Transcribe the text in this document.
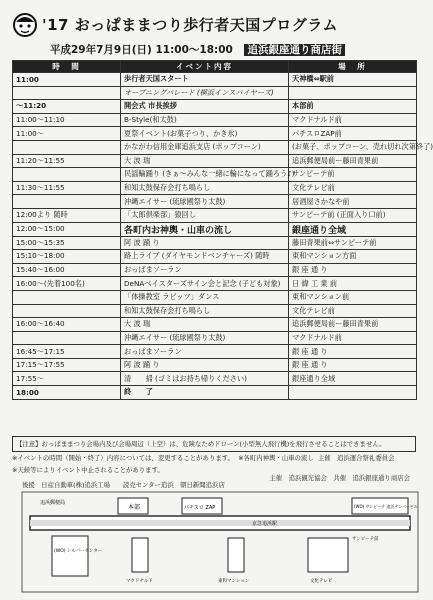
'17 おっぱままつり歩行者天国プログラム
平成29年7月9日(日) 11:00～18:00 追浜銀座通り商店街
時　間	イベント内容	場　所
11:00	歩行者天国スタート	天神橋⇔駅前
	オープニングパレード (横浜インスパイヤーズ)	
～11:20	開会式 市長挨拶	本部前
11:00～11:10	B-Style(和太鼓)	マクドナルド前
11:00～	夏祭イベント(お菓子つり、かき氷)	パチスロZAP前
	かながわ信用金庫追浜支店 (ポップコーン)	(お菓子、ポップコーン、売れ切れ次第終了)
11:20～11:55	大 波 瑞	追浜郵便局前ー藤田青果前
	民謡輪踊り (きぁ～みんな一緒に輪になって踊ろう♪)	サンピーテ前
11:30～11:55	和知太鼓保存会打ち鳴らし	文化テレビ前
	沖縄エイサー (琉球國祭り太鼓)	居酒屋さかなや前
12:00より 随時	「太郎倶楽部」猿回し	サンピーテ前 (正面入り口前)
12:00～15:00	各町内お神輿・山車の流し	銀座通り全域
15:00～15:35	阿 波 踊 り	藤田青果前⇔サンピーテ前
15:10～18:00	路上ライブ (ダイヤモンドベンチャーズ) 随時	東和マンション方面
15:40～16:00	おっぱまソーラン	銀 座 通 り
16:00～(先着100名)	DeNAベイスターズサイン会と記念 (子ども対象)	日 緯 工 業 前
	「体操教室 ラビッツ」ダンス	東和マンション前
	和知太鼓保存会打ち鳴らし	文化テレビ前
16:00～16:40	大 波 瑞	追浜郵便局前ー藤田青果前
	沖縄エイサー (琉球國祭り太鼓)	マクドナルド前
16:45～17:15	おっぱまソーラン	銀 座 通 り
17:15～17:55	阿 波 踊 り	銀 座 通 り
17:55～	清　　掃 (ゴミはお持ち帰りください)	銀座通り全域
18:00	終　　了	
【注意】おっぱままつり会場内及び会場周辺（上空）は、危険なためドローン(小型無人飛行機)を飛行させることはできません。
※イベントの時間（開始・終了）内容については、変更することがあります。 ※各町内神輿・山車の流し 主催　追浜運合祭礼委員会
※天候等によりイベント中止されることがあります。
主催　追浜観光協会　共催　追浜銀座通り商店会
後援　日産自動車(株)追浜工場　　読売センター追浜　朝日新聞追浜店
本部	パチスロ ZAP	(WO) サンピーテ 追浜テンパービル
追浜郵便局
京急追浜駅
(WO) シルバーセンター
サンピーテ前
マクドナルド	東和マンション	文化テレビ
